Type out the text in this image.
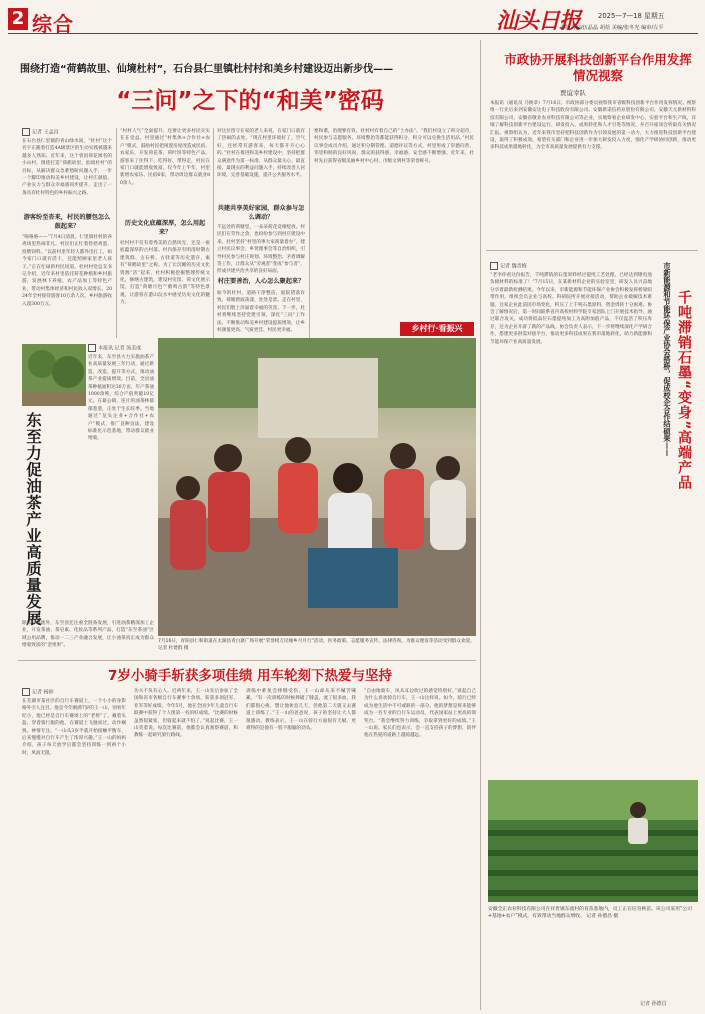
2 综合	汕头日报	2025—7—18 星期五
本版责编/伍晶晶 胡蓓 美编/张冬光 编审/左平
围绕打造“荷鹤故里、仙境杜村”，石台县仁里镇杜村村和美乡村建设迈出新步伐——
“三问”之下的“和美”密码
记者 王孟昌
在石台县仁里镇的青山绿水间，“杜村”这个名字正随着打造4A级景区的生动实践被越来越多人熟知。近年来，这个曾因荷花闻名的小山村，围绕打造“荷鹤故里、仙境杜村”的目标，从解决群众急难愁盼问题入手，一步一个脚印推动和美乡村建设，让村庄颜值、产业实力与群众幸福感同步提升，走出了一条具有杜村特色的乡村振兴之路。
游客纷至沓来，村民的腰包怎么鼓起来？
“咯咯咯——”7月4日清晨，仁里镇杜村的养鸡场里热闹非凡。村民们正忙着捡拾鸡蛋、投喂饲料。“以前村里年轻人都外出打工，如今家门口就有活干，还能照顾家里老人孩子。”正在忙碌的村民说道。杜村村党总支书记介绍，近年来村里依托荷花种植和乡村旅游，发展林下养殖、农产品加工等特色产业，带动村集体经济和村民收入双增长。2024年全村接待游客10万余人次，乡村旅游收入超300万元。
“村村人气”全面提升，还要让更多村民实实在在受益。村里通过“村集体+合作社+农户”模式，鼓励村民把闲置房屋改造成民宿、农家乐，开发荷花茶、荷叶饼等特色产品。游客来了住得下、吃得好、带得走，村民在家门口就能增收致富。仅今年上半年，村里新增农家乐、民宿6家，带动周边群众就业80余人。
历史文化底蕴深厚，怎么用起来？
杜村村不仅有着秀美的自然风光，还是一座底蕴深厚的古村落。村内保存有明清时期古建筑群、古石桥、古驿道等历史遗存，素有“荷鹤故里”之称。为了让沉睡的历史文化资源“活”起来，杜村积极挖掘整理传统文化，修缮古建筑，建设村史馆、荷文化展示馆，打造“荷塘月色”“鹤鸣古韵”等特色景观，让游客在游山玩水中感受历史文化的魅力。
对这位留守在家的老人来说，在家门口就有了热闹的去处。“现在村里环境好了，空气好，还经常有游客来，每天都开开心心的。”杜村在推进和美乡村建设中，坚持把群众满意作为第一标准，从群众最关心、最直接、最现实的利益问题入手，持续改善人居环境，完善基础设施，提升公共服务水平。
共建共享美好家园，群众参与怎么调动？
不远处的荷塘里，一朵朵荷花竞相绽放。村民们在劳作之余，也纷纷参与到村庄建设中来。杜村坚持“村里的事大家商量着办”，建立村民议事会、乡贤理事会等自治组织，引导村民参与村庄规划、环境整治、矛盾调解等工作，让群众从“旁观者”变成“参与者”，形成共建共治共享的良好局面。
村庄要善治，人心怎么聚起来？
如今的杜村，道路干净整洁，庭院错落有致，荷塘碧波荡漾，处处是景。走在村里，村民们脸上洋溢着幸福的笑容。下一步，杜村将继续坚持党建引领，深化“三问”工作法，不断推动和美乡村建设提质增效，让乡村颜值更高、气质更佳、村民更幸福。
要和谐，治理要有效。杜村村有着自己的“土办法”。“我们村设立了积分超市，村民参与志愿服务、环境整治等都能获得积分，积分可以兑换生活用品。”村民议事会成员介绍，通过积分制管理、道德评议等方式，村里形成了崇德向善、邻里和睦的良好风尚，群众的获得感、幸福感、安全感不断增强。近年来，杜村先后获得省级美丽乡村中心村、市级文明村等荣誉称号。
乡村行·看振兴
7月16日，青阳县仁和街道在太湖县青白寨广场开展“荣誉榜万民缘乡月月行”活动，医务政策、志愿服务宣传、法律咨询、为群众理发等活动受到群众欢迎。 记者 杜建群 摄
东至力促油茶产业高质量发展
本报讯 记者 汤美成
近年来，东至县大力实施油茶产业高质量发展三年行动，通过新造、改造、提升等方式，推动油茶产业提质增效。目前，全县油茶种植面积达30万亩，年产茶油1000余吨，综合产值突破10亿元。在葛公镇，连片的油茶林郁郁葱葱，正处于生长旺季。当地通过“龙头企业+合作社+农户”模式，推广良种良法，建设标准化示范基地，带动群众就业增收。
除抓好基地外，东至县还注重全链条发展，引进油茶精深加工企业，开发茶油、茶皂素、化妆品等系列产品，打造“东至茶油”区域公用品牌，推动一二三产业融合发展，让小油茶真正成为群众增收致富的“金果果”。
市政协开展科技创新平台作用发挥情况视察
贾谊幸队
本报讯（通讯员 马焕章）7月16日，市政协部分委员视察我市省级科技创新平台作用发挥情况。视察组一行先后来到安徽安达电子科技股份有限公司、安徽新诺信药业股份有限公司、安徽天元新材料科技有限公司、安徽省敬业农业科技有限公司等企业，实地察看企业研发中心、实验平台和生产线，详细了解科技创新平台建设运行、研发投入、成果转化和人才引进等情况，并召开座谈会听取有关情况汇报。视察组认为，近年来我市坚持把科技创新作为引领发展的第一动力，大力推进科技创新平台建设，取得了积极成效。希望有关部门和企业进一步加大研发投入力度，强化产学研协同创新，推动更多科技成果就地转化，为全市高质量发展提供有力支撑。
记者 魏青梅
“老李你看这份报告，千吨滞销的石墨原料经过提纯工艺处理，已经达到锂电池负极材料的标准了！”7月15日，在某新材料企业的实验室里，研发人员兴奋地分享着最新检测结果。今年以来，市新能源和节能环保产业协会积极发挥桥梁纽带作用，组织会员企业与高校、科研院所开展对接活动，帮助企业破解技术难题。这家企业此前因市场变化，积压了上千吨石墨原料，资金周转十分困难。协会了解情况后，第一时间联系省内高校材料学院专家团队上门开展技术指导，通过联合攻关，成功将低品位石墨提纯加工为高附加值产品，不仅盘活了积压库存，还为企业开辟了新的产品线。协会负责人表示，下一步将继续深化产学研合作，搭建更多供需对接平台，推动更多科技成果在我市落地转化，助力新能源和节能环保产业高质量发展。	千吨滞销石墨“变身”高端产品
市新能源和节能环保产业协会搭桥，促成校企合作结硕果——
安徽全正农业科技有限公司在祥贵镇东流村的育苗基地内，员工正在培育秧苗。该公司采用“公司+基地+农户”模式，有效带动当地群众增收。 记者 孙德昌 摄
记者 孙德昌
7岁小骑手斩获多项佳绩 用车轮刻下热爱与坚持
记者 杨婷
在芜湖市某社区的自行车赛道上，一个小小的身影格外引人注目。他是今年刚满7岁的王一山，别看年纪小，他已经是自行车赛场上的“老将”了。戴着头盔、穿着骑行服的他，在赛道上飞驰而过，动作娴熟，神情专注。“一山从3岁半就开始接触平衡车，后来慢慢对自行车产生了浓厚兴趣。”王一山的妈妈介绍，孩子每天放学后都会坚持训练一到两个小时，风雨无阻。
功夫不负有心人。近两年来，王一山先后参加了全国和省市各级自行车赛事十余场，斩获多项冠军、亚军等好成绩。今年5月，他在全国少年儿童自行车联赛中获得了个人组第一名的好成绩。“比赛的时候虽然很紧张，但骑起来就不怕了。”说起比赛，王一山笑着说。每次比赛前，他都会认真观察赛道，和教练一起研究骑行路线。
训练中难免会摔倒受伤，王一山却从来不喊苦喊累。“有一次训练的时候摔破了膝盖，流了很多血，我们都很心疼，想让他休息几天，但他第二天就又去赛道上训练了。”王一山的爸爸说，孩子的坚持让大人都很感动。教练表示，王一山在骑行方面很有天赋，更难得的是他有一股不服输的劲头。
“自由地骑车，风从耳边吹过的感觉特别好。”谈起自己为什么喜欢骑自行车，王一山这样说。如今，骑行已经成为他生活中不可或缺的一部分。他的梦想是将来能够成为一名专业的自行车运动员，代表国家站上更高的领奖台。“我会继续努力训练，争取拿到更好的成绩。”王一山说。家长们也表示，会一直支持孩子的梦想，陪伴他在热爱的道路上越骑越远。
